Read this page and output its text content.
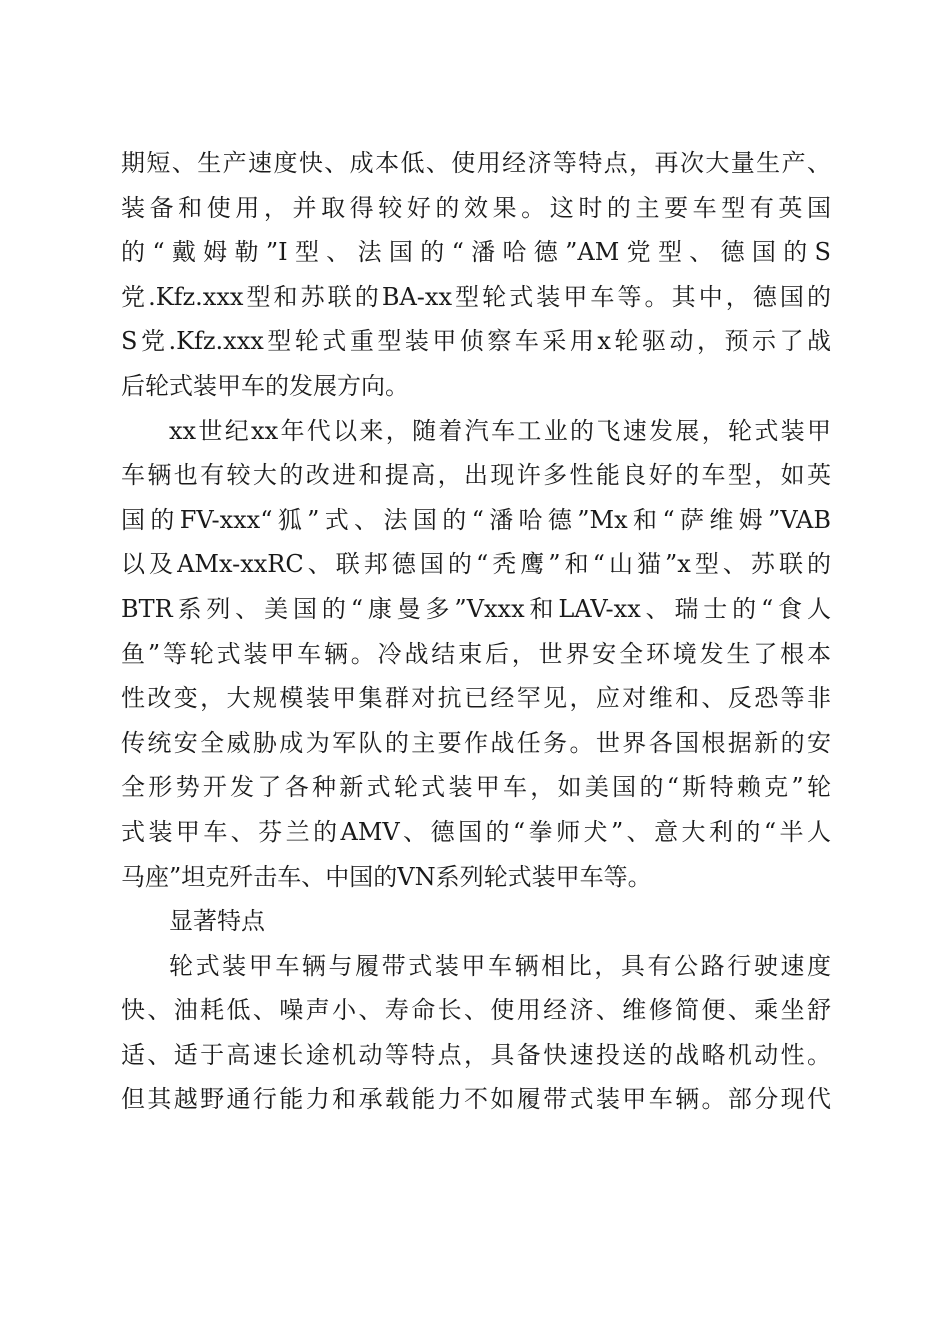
期短、生产速度快、成本低、使用经济等特点，再次大量生产、
装备和使用，并取得较好的效果。这时的主要车型有英国
的“戴姆勒”I型、法国的“潘哈德”AM党型、德国的S
党.Kfz.xxx型和苏联的BA-xx型轮式装甲车等。其中，德国的
S党.Kfz.xxx型轮式重型装甲侦察车采用x轮驱动，预示了战
后轮式装甲车的发展方向。
xx世纪xx年代以来，随着汽车工业的飞速发展，轮式装甲
车辆也有较大的改进和提高，出现许多性能良好的车型，如英
国的FV-xxx“狐”式、法国的“潘哈德”Mx和“萨维姆”VAB
以及AMx-xxRC、联邦德国的“秃鹰”和“山猫”x型、苏联的
BTR系列、美国的“康曼多”Vxxx和LAV-xx、瑞士的“食人
鱼”等轮式装甲车辆。冷战结束后，世界安全环境发生了根本
性改变，大规模装甲集群对抗已经罕见，应对维和、反恐等非
传统安全威胁成为军队的主要作战任务。世界各国根据新的安
全形势开发了各种新式轮式装甲车，如美国的“斯特赖克”轮
式装甲车、芬兰的AMV、德国的“拳师犬”、意大利的“半人
马座”坦克歼击车、中国的VN系列轮式装甲车等。
显著特点
轮式装甲车辆与履带式装甲车辆相比，具有公路行驶速度
快、油耗低、噪声小、寿命长、使用经济、维修简便、乘坐舒
适、适于高速长途机动等特点，具备快速投送的战略机动性。
但其越野通行能力和承载能力不如履带式装甲车辆。部分现代
